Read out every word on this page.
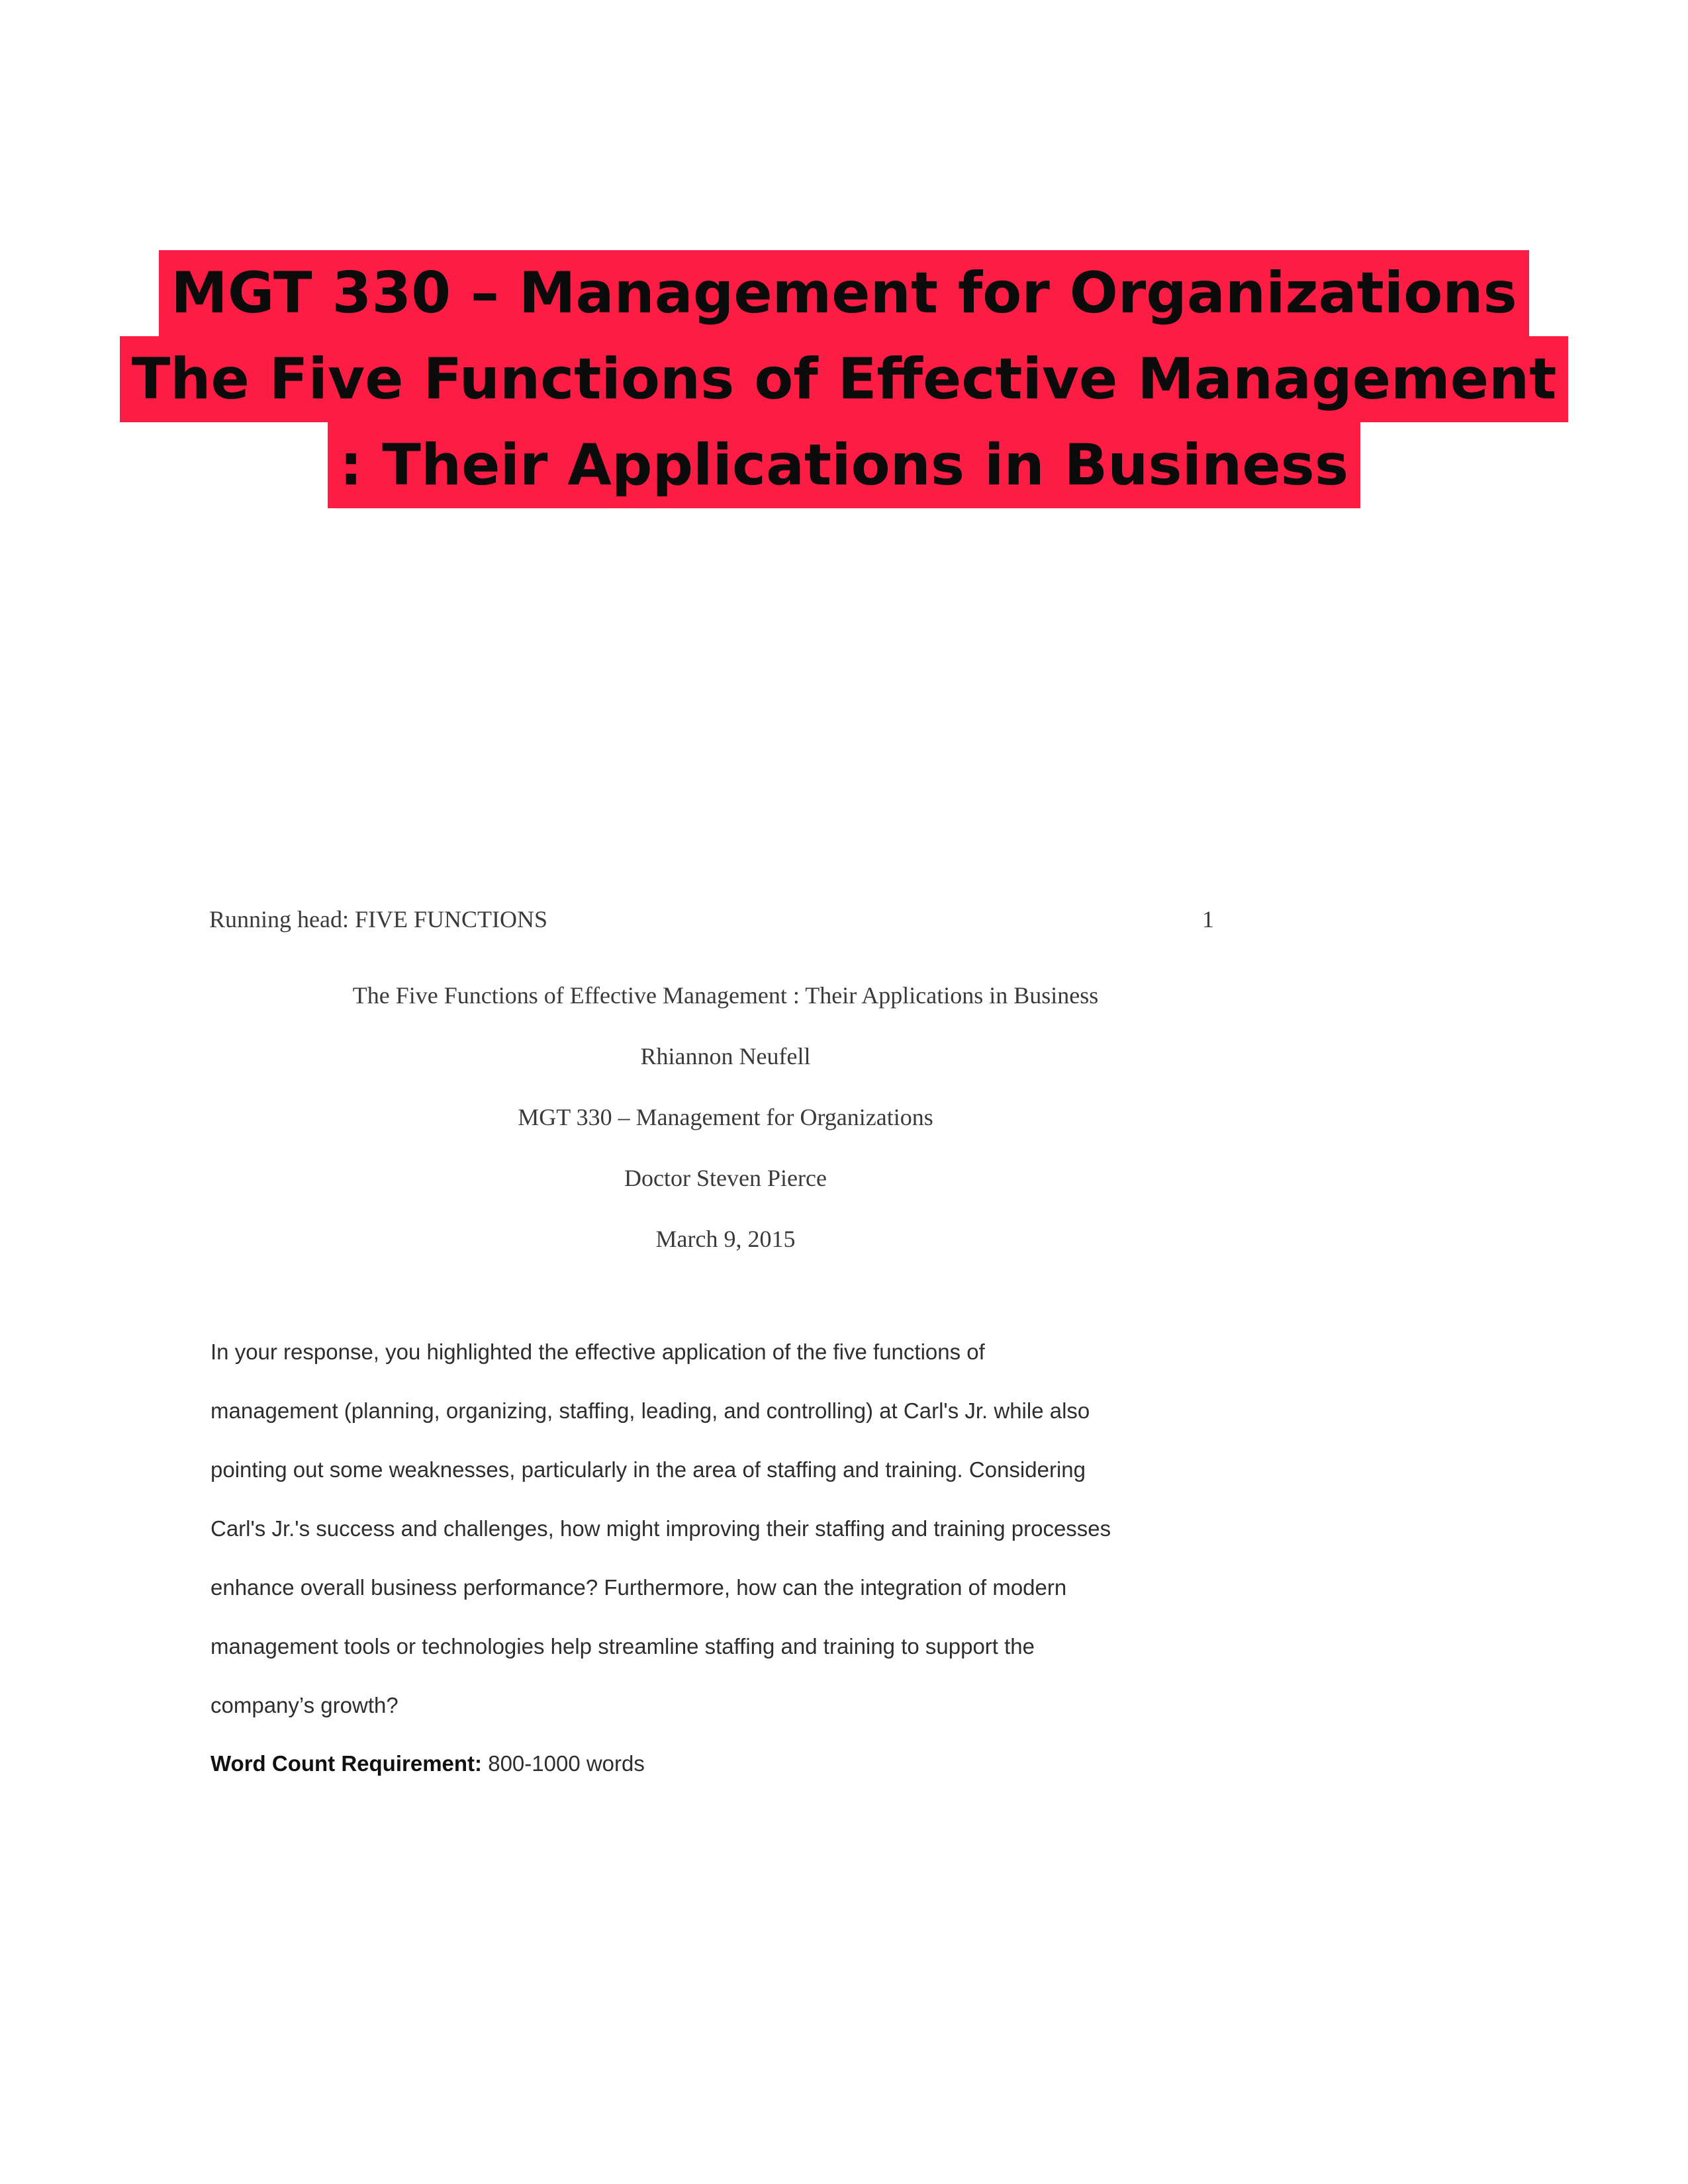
MGT 330 – Management for Organizations
The Five Functions of Effective Management
: Their Applications in Business
Running head: FIVE FUNCTIONS	1
The Five Functions of Effective Management : Their Applications in Business
Rhiannon Neufell
MGT 330 – Management for Organizations
Doctor Steven Pierce
March 9, 2015
In your response, you highlighted the effective application of the five functions of
management (planning, organizing, staffing, leading, and controlling) at Carl's Jr. while also
pointing out some weaknesses, particularly in the area of staffing and training. Considering
Carl's Jr.'s success and challenges, how might improving their staffing and training processes
enhance overall business performance? Furthermore, how can the integration of modern
management tools or technologies help streamline staffing and training to support the
company’s growth?
Word Count Requirement: 800-1000 words
